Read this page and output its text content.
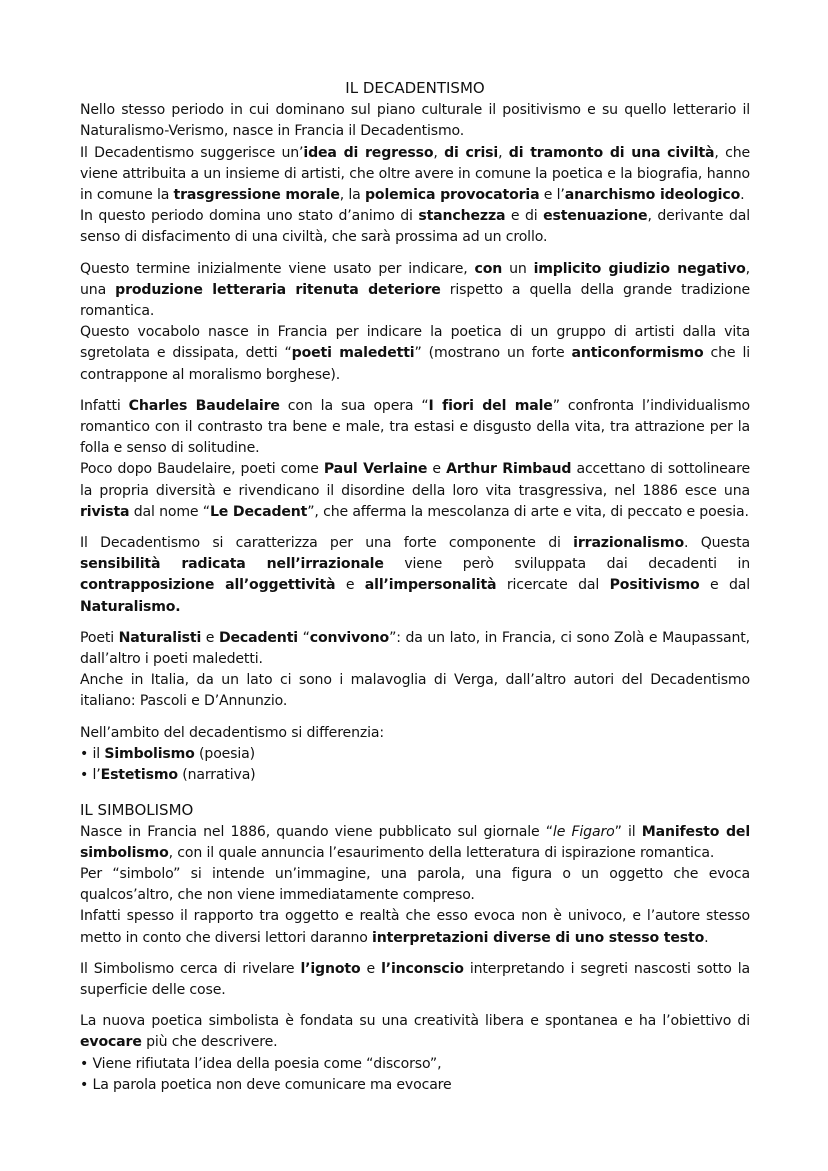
IL DECADENTISMO

Nello stesso periodo in cui dominano sul piano culturale il positivismo e su quello letterario il Naturalismo-Verismo, nasce in Francia il Decadentismo.

Il Decadentismo suggerisce un’idea di regresso, di crisi, di tramonto di una civiltà, che viene attribuita a un insieme di artisti, che oltre avere in comune la poetica e la biografia, hanno in comune la trasgressione morale, la polemica provocatoria e l’anarchismo ideologico.

In questo periodo domina uno stato d’animo di stanchezza e di estenuazione, derivante dal senso di disfacimento di una civiltà, che sarà prossima ad un crollo.

Questo termine inizialmente viene usato per indicare, con un implicito giudizio negativo, una produzione letteraria ritenuta deteriore rispetto a quella della grande tradizione romantica.

Questo vocabolo nasce in Francia per indicare la poetica di un gruppo di artisti dalla vita sgretolata e dissipata, detti “poeti maledetti” (mostrano un forte anticonformismo che li contrappone al moralismo borghese).

Infatti Charles Baudelaire con la sua opera “I fiori del male” confronta l’individualismo romantico con il contrasto tra bene e male, tra estasi e disgusto della vita, tra attrazione per la folla e senso di solitudine.

Poco dopo Baudelaire, poeti come Paul Verlaine e Arthur Rimbaud accettano di sottolineare la propria diversità e rivendicano il disordine della loro vita trasgressiva, nel 1886 esce una rivista dal nome “Le Decadent”, che afferma la mescolanza di arte e vita, di peccato e poesia.

Il Decadentismo si caratterizza per una forte componente di irrazionalismo. Questa sensibilità radicata nell’irrazionale viene però sviluppata dai decadenti in contrapposizione all’oggettività e all’impersonalità ricercate dal Positivismo e dal Naturalismo.

Poeti Naturalisti e Decadenti “convivono”: da un lato, in Francia, ci sono Zolà e Maupassant, dall’altro i poeti maledetti.

Anche in Italia, da un lato ci sono i malavoglia di Verga, dall’altro autori del Decadentismo italiano: Pascoli e D’Annunzio.

Nell’ambito del decadentismo si differenzia:

• il Simbolismo (poesia)

• l’Estetismo (narrativa)

IL SIMBOLISMO

Nasce in Francia nel 1886, quando viene pubblicato sul giornale “le Figaro” il Manifesto del simbolismo, con il quale annuncia l’esaurimento della letteratura di ispirazione romantica.

Per “simbolo” si intende un’immagine, una parola, una figura o un oggetto che evoca qualcos’altro, che non viene immediatamente compreso.

Infatti spesso il rapporto tra oggetto e realtà che esso evoca non è univoco, e l’autore stesso metto in conto che diversi lettori daranno interpretazioni diverse di uno stesso testo.

Il Simbolismo cerca di rivelare l’ignoto e l’inconscio interpretando i segreti nascosti sotto la superficie delle cose.

La nuova poetica simbolista è fondata su una creatività libera e spontanea e ha l’obiettivo di evocare più che descrivere.

• Viene rifiutata l’idea della poesia come “discorso”,

• La parola poetica non deve comunicare ma evocare
